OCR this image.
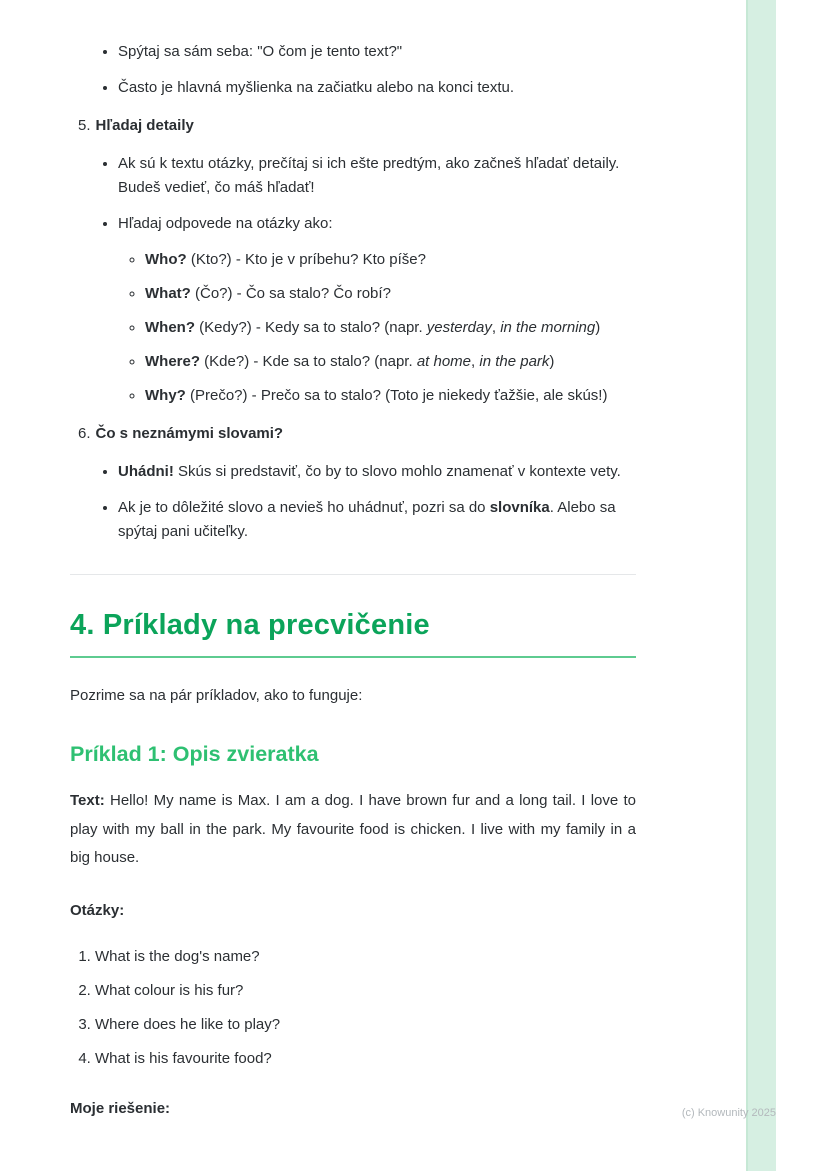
• Spýtaj sa sám seba: "O čom je tento text?"
• Často je hlavná myšlienka na začiatku alebo na konci textu.
5. Hľadaj detaily
• Ak sú k textu otázky, prečítaj si ich ešte predtým, ako začneš hľadať detaily. Budeš vedieť, čo máš hľadať!
• Hľadaj odpovede na otázky ako:
◦ Who? (Kto?) - Kto je v príbehu? Kto píše?
◦ What? (Čo?) - Čo sa stalo? Čo robí?
◦ When? (Kedy?) - Kedy sa to stalo? (napr. yesterday, in the morning)
◦ Where? (Kde?) - Kde sa to stalo? (napr. at home, in the park)
◦ Why? (Prečo?) - Prečo sa to stalo? (Toto je niekedy ťažšie, ale skús!)
6. Čo s neznámymi slovami?
• Uhádni! Skús si predstaviť, čo by to slovo mohlo znamenať v kontexte vety.
• Ak je to dôležité slovo a nevieš ho uhádnuť, pozri sa do slovníka. Alebo sa spýtaj pani učiteľky.
4. Príklady na precvičenie

Pozrime sa na pár príkladov, ako to funguje:

Príklad 1: Opis zvieratka

Text: Hello! My name is Max. I am a dog. I have brown fur and a long tail. I love to play with my ball in the park. My favourite food is chicken. I live with my family in a big house.

Otázky:

1. What is the dog's name?
2. What colour is his fur?
3. Where does he like to play?
4. What is his favourite food?

Moje riešenie:	(c) Knowunity 2025
